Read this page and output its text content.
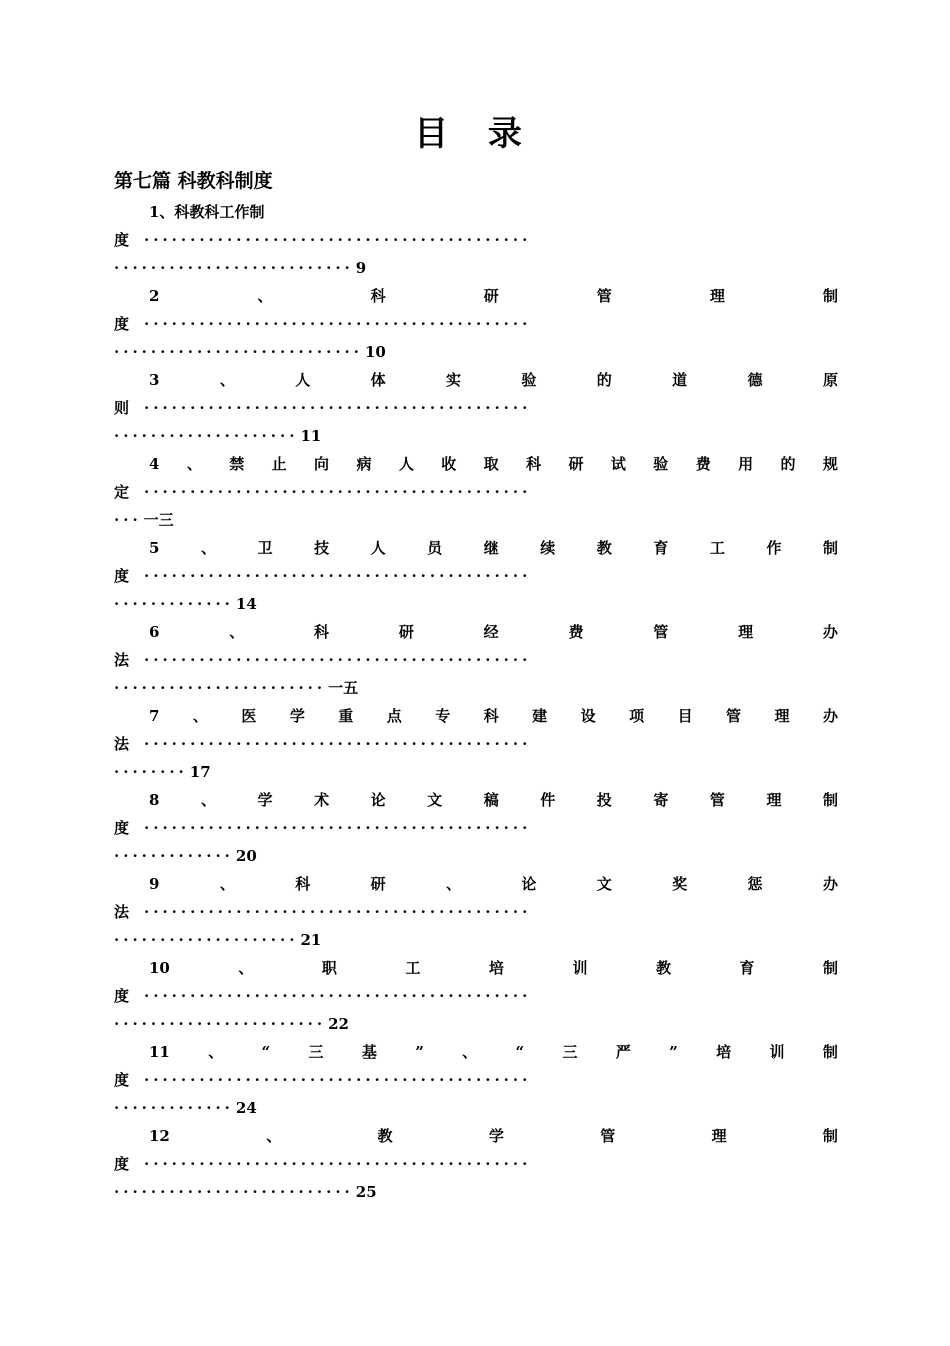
目 录
第七篇 科教科制度
1、科教科工作制
度 ··········································
·························· 9
2	、	科	研	管	理	制
度 ··········································
··························· 10
3	、	人	体	实	验	的	道	德	原
则 ··········································
···················· 11
4 、 禁 止 向 病 人 收 取 科 研 试 验 费 用 的 规
定 ··········································
··· 一三
5	、	卫	技	人	员	继	续	教	育	工	作	制
度 ··········································
············· 14
6	、	科	研	经	费	管	理	办
法 ··········································
······················· 一五
7 、 医 学 重 点 专 科 建 设 项 目 管 理 办
法 ··········································
········ 17
8	、	学	术	论	文	稿	件	投	寄	管	理	制
度 ··········································
············· 20
9	、	科	研	、	论	文	奖	惩	办
法 ··········································
···················· 21
10	、	职	工	培	训	教	育	制
度 ··········································
······················· 22
11	、	“	三	基	”	、	“	三	严	”	培	训	制
度 ··········································
············· 24
12	、	教	学	管	理	制
度 ··········································
·························· 25
